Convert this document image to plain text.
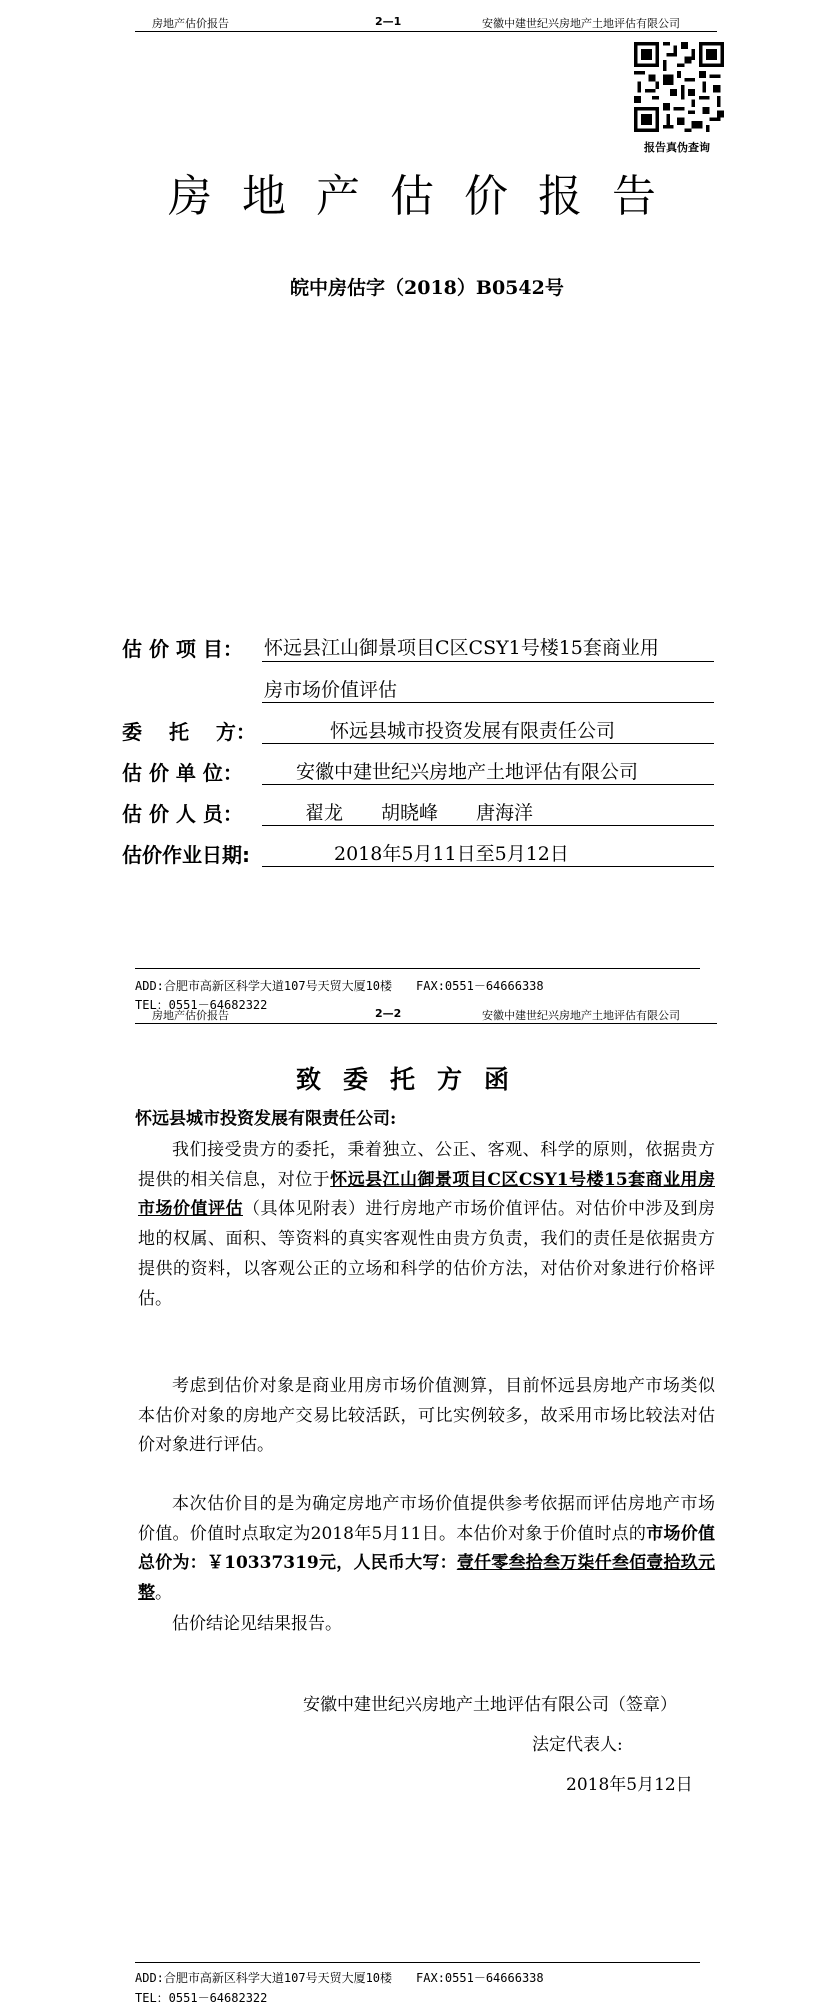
房地产估价报告	2—1	安徽中建世纪兴房地产土地评估有限公司
报告真伪查询
房地产估价报告
皖中房估字（2018）B0542号
估 价 项 目： 怀远县江山御景项目C区CSY1号楼15套商业用
房市场价值评估
委　 托　 方：	怀远县城市投资发展有限责任公司
估 价 单 位：	安徽中建世纪兴房地产土地评估有限公司
估 价 人 员：	翟龙　　胡晓峰　　唐海洋
估价作业日期:	2018年5月11日至5月12日
ADD:合肥市高新区科学大道107号天贸大厦10楼　　FAX:0551－64666338
TEL：0551－64682322
房地产估价报告	2—2	安徽中建世纪兴房地产土地评估有限公司
致委托方函
怀远县城市投资发展有限责任公司:
我们接受贵方的委托，秉着独立、公正、客观、科学的原则，依据贵方提供的相关信息，对位于怀远县江山御景项目C区CSY1号楼15套商业用房市场价值评估（具体见附表）进行房地产市场价值评估。对估价中涉及到房地的权属、面积、等资料的真实客观性由贵方负责，我们的责任是依据贵方提供的资料，以客观公正的立场和科学的估价方法，对估价对象进行价格评估。
考虑到估价对象是商业用房市场价值测算，目前怀远县房地产市场类似本估价对象的房地产交易比较活跃，可比实例较多，故采用市场比较法对估价对象进行评估。
本次估价目的是为确定房地产市场价值提供参考依据而评估房地产市场价值。价值时点取定为2018年5月11日。本估价对象于价值时点的市场价值总价为：￥10337319元，人民币大写：壹仟零叁拾叁万柒仟叁佰壹拾玖元整。
估价结论见结果报告。
安徽中建世纪兴房地产土地评估有限公司（签章）
法定代表人:
2018年5月12日
ADD:合肥市高新区科学大道107号天贸大厦10楼　　FAX:0551－64666338
TEL：0551－64682322
